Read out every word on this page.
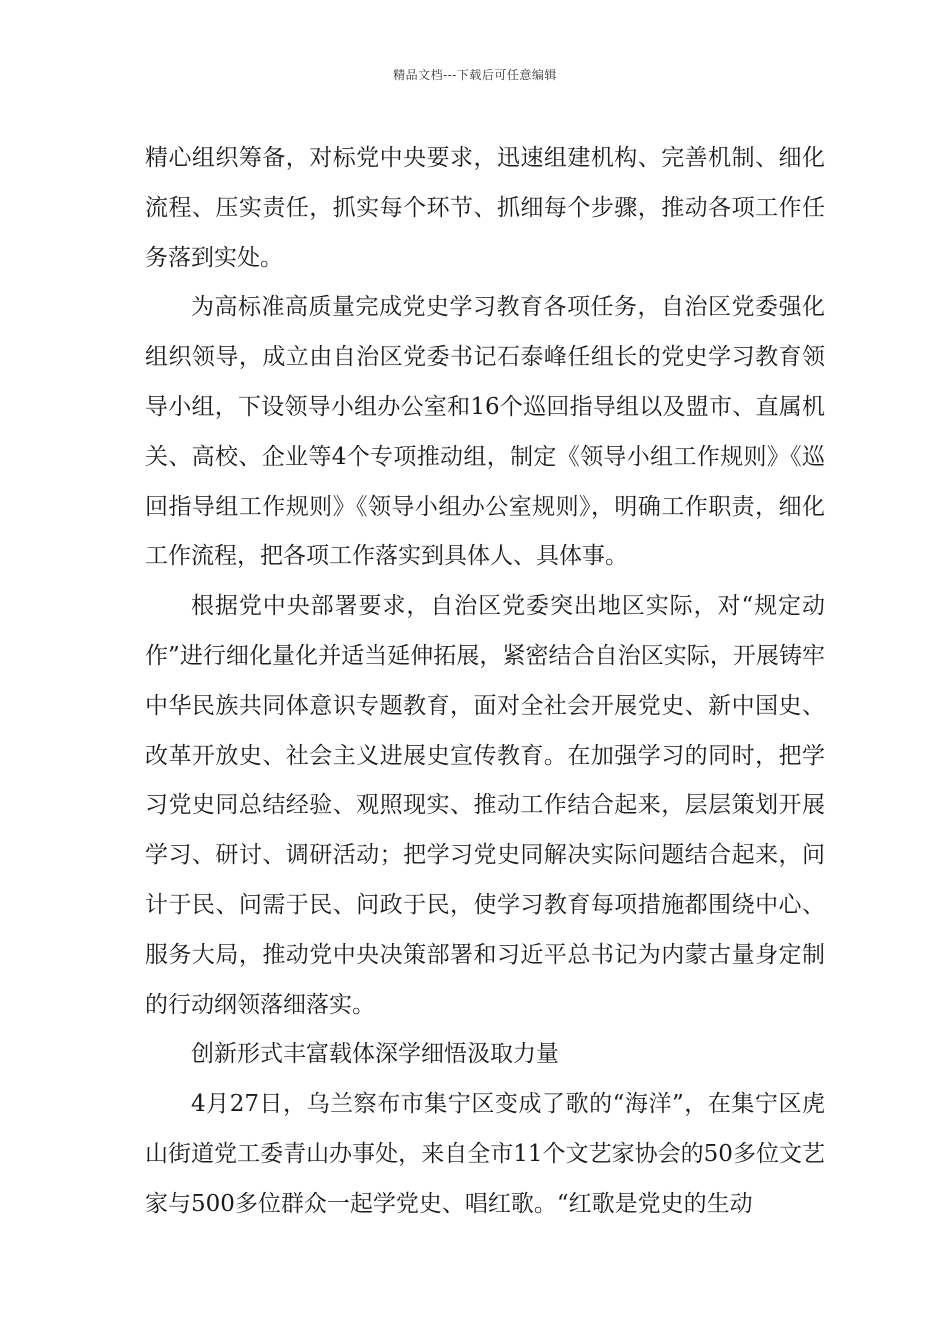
精品文档---下载后可任意编辑

精心组织筹备，对标党中央要求，迅速组建机构、完善机制、细化流程、压实责任，抓实每个环节、抓细每个步骤，推动各项工作任务落到实处。

为高标准高质量完成党史学习教育各项任务，自治区党委强化组织领导，成立由自治区党委书记石泰峰任组长的党史学习教育领导小组，下设领导小组办公室和16个巡回指导组以及盟市、直属机关、高校、企业等4个专项推动组，制定《领导小组工作规则》《巡回指导组工作规则》《领导小组办公室规则》，明确工作职责，细化工作流程，把各项工作落实到具体人、具体事。

根据党中央部署要求，自治区党委突出地区实际，对“规定动作”进行细化量化并适当延伸拓展，紧密结合自治区实际，开展铸牢中华民族共同体意识专题教育，面对全社会开展党史、新中国史、改革开放史、社会主义进展史宣传教育。在加强学习的同时，把学习党史同总结经验、观照现实、推动工作结合起来，层层策划开展学习、研讨、调研活动；把学习党史同解决实际问题结合起来，问计于民、问需于民、问政于民，使学习教育每项措施都围绕中心、服务大局，推动党中央决策部署和习近平总书记为内蒙古量身定制的行动纲领落细落实。

创新形式丰富载体深学细悟汲取力量

4月27日，乌兰察布市集宁区变成了歌的“海洋”，在集宁区虎山街道党工委青山办事处，来自全市11个文艺家协会的50多位文艺家与500多位群众一起学党史、唱红歌。“红歌是党史的生动
